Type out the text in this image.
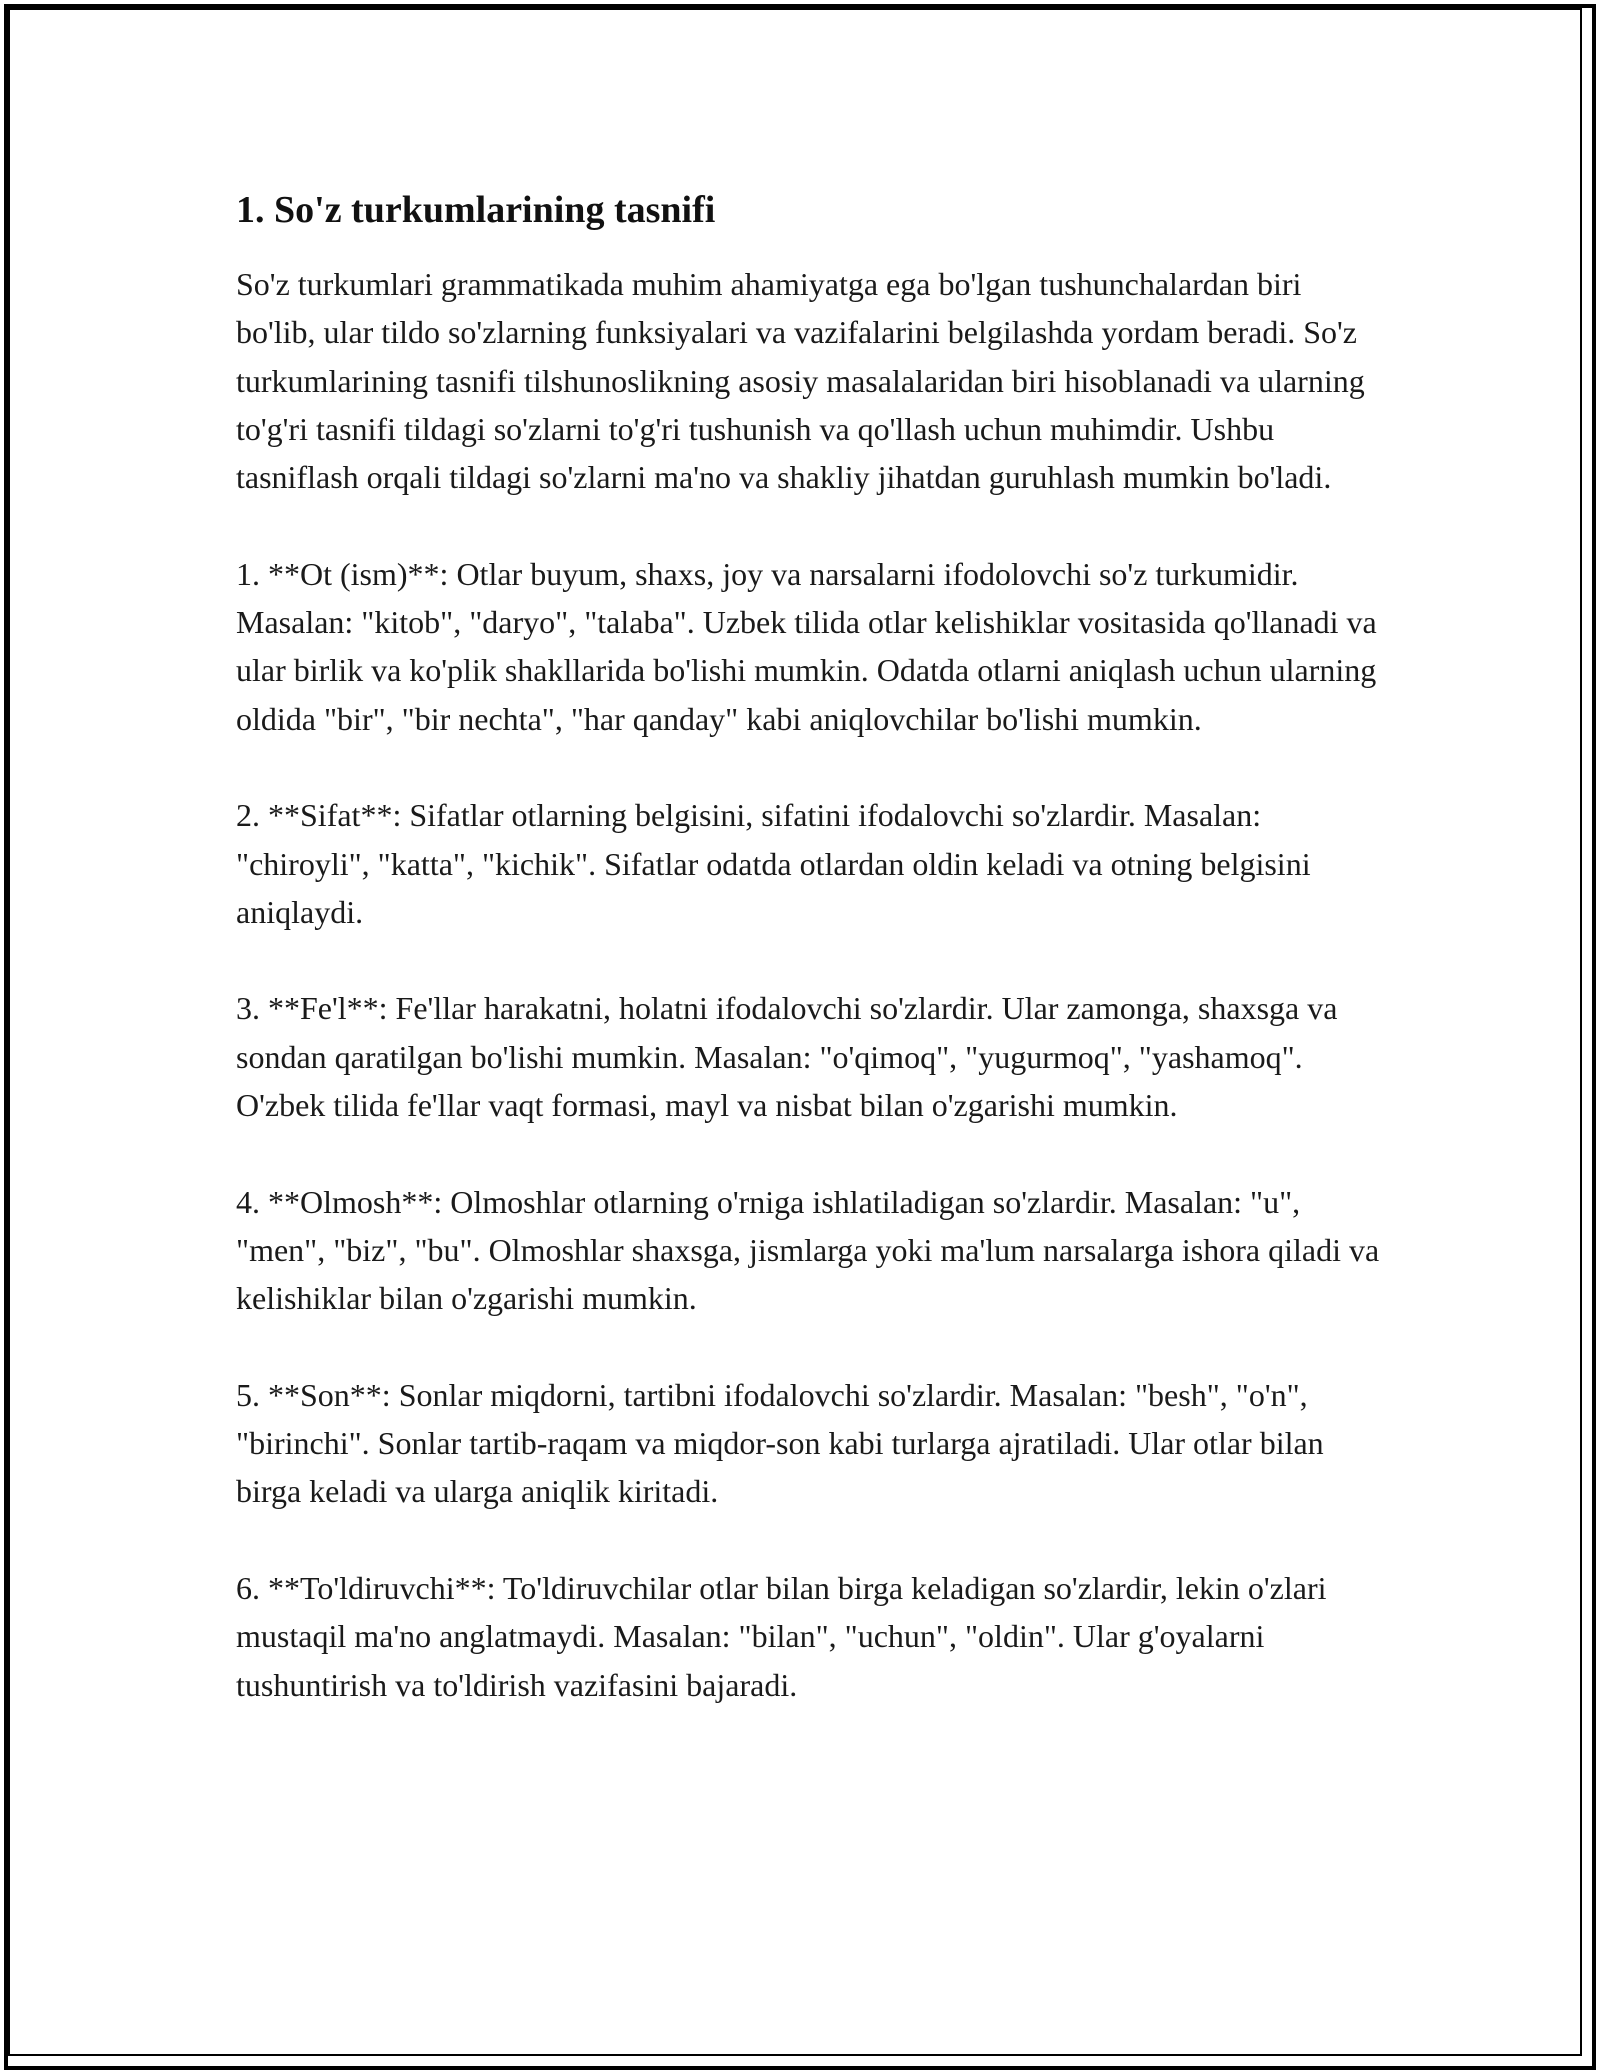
1. So'z turkumlarining tasnifi

So'z turkumlari grammatikada muhim ahamiyatga ega bo'lgan tushunchalardan biri bo'lib, ular tildo so'zlarning funksiyalari va vazifalarini belgilashda yordam beradi. So'z turkumlarining tasnifi tilshunoslikning asosiy masalalaridan biri hisoblanadi va ularning to'g'ri tasnifi tildagi so'zlarni to'g'ri tushunish va qo'llash uchun muhimdir. Ushbu tasniflash orqali tildagi so'zlarni ma'no va shakliy jihatdan guruhlash mumkin bo'ladi.

1. **Ot (ism)**: Otlar buyum, shaxs, joy va narsalarni ifodolovchi so'z turkumidir. Masalan: "kitob", "daryo", "talaba". Uzbek tilida otlar kelishiklar vositasida qo'llanadi va ular birlik va ko'plik shakllarida bo'lishi mumkin. Odatda otlarni aniqlash uchun ularning oldida "bir", "bir nechta", "har qanday" kabi aniqlovchilar bo'lishi mumkin.

2. **Sifat**: Sifatlar otlarning belgisini, sifatini ifodalovchi so'zlardir. Masalan: "chiroyli", "katta", "kichik". Sifatlar odatda otlardan oldin keladi va otning belgisini aniqlaydi.

3. **Fe'l**: Fe'llar harakatni, holatni ifodalovchi so'zlardir. Ular zamonga, shaxsga va sondan qaratilgan bo'lishi mumkin. Masalan: "o'qimoq", "yugurmoq", "yashamoq". O'zbek tilida fe'llar vaqt formasi, mayl va nisbat bilan o'zgarishi mumkin.

4. **Olmosh**: Olmoshlar otlarning o'rniga ishlatiladigan so'zlardir. Masalan: "u", "men", "biz", "bu". Olmoshlar shaxsga, jismlarga yoki ma'lum narsalarga ishora qiladi va kelishiklar bilan o'zgarishi mumkin.

5. **Son**: Sonlar miqdorni, tartibni ifodalovchi so'zlardir. Masalan: "besh", "o'n", "birinchi". Sonlar tartib-raqam va miqdor-son kabi turlarga ajratiladi. Ular otlar bilan birga keladi va ularga aniqlik kiritadi.

6. **To'ldiruvchi**: To'ldiruvchilar otlar bilan birga keladigan so'zlardir, lekin o'zlari mustaqil ma'no anglatmaydi. Masalan: "bilan", "uchun", "oldin". Ular g'oyalarni tushuntirish va to'ldirish vazifasini bajaradi.
